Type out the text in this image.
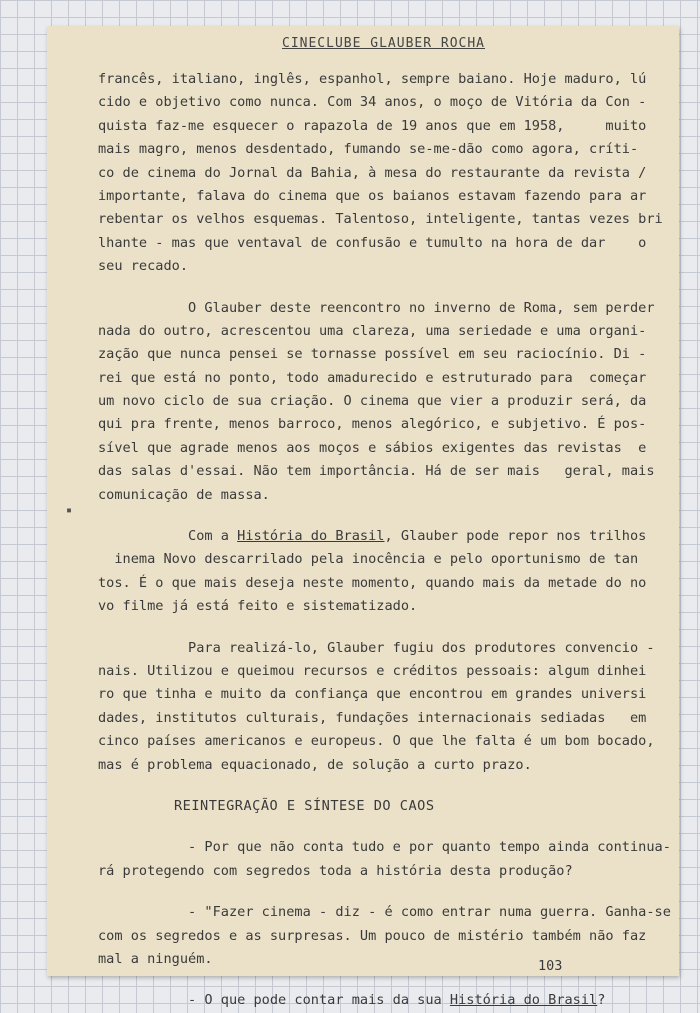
CINECLUBE GLAUBER ROCHA
francês, italiano, inglês, espanhol, sempre baiano. Hoje maduro, lú
cido e objetivo como nunca. Com 34 anos, o moço de Vitória da Con -
quista faz-me esquecer o rapazola de 19 anos que em 1958,     muito
mais magro, menos desdentado, fumando se-me-dão como agora, críti-
co de cinema do Jornal da Bahia, à mesa do restaurante da revista /
importante, falava do cinema que os baianos estavam fazendo para ar
rebentar os velhos esquemas. Talentoso, inteligente, tantas vezes bri
lhante - mas que ventaval de confusão e tumulto na hora de dar    o
seu recado.
O Glauber deste reencontro no inverno de Roma, sem perder
nada do outro, acrescentou uma clareza, uma seriedade e uma organi-
zação que nunca pensei se tornasse possível em seu raciocínio. Di -
rei que está no ponto, todo amadurecido e estruturado para  começar
um novo ciclo de sua criação. O cinema que vier a produzir será, da
qui pra frente, menos barroco, menos alegórico, e subjetivo. É pos-
sível que agrade menos aos moços e sábios exigentes das revistas  e
das salas d'essai. Não tem importância. Há de ser mais   geral, mais
comunicação de massa.
Com a História do Brasil, Glauber pode repor nos trilhos
inema Novo descarrilado pela inocência e pelo oportunismo de tan
tos. É o que mais deseja neste momento, quando mais da metade do no
vo filme já está feito e sistematizado.
Para realizá-lo, Glauber fugiu dos produtores convencio -
nais. Utilizou e queimou recursos e créditos pessoais: algum dinhei
ro que tinha e muito da confiança que encontrou em grandes universi
dades, institutos culturais, fundações internacionais sediadas   em
cinco países americanos e europeus. O que lhe falta é um bom bocado,
mas é problema equacionado, de solução a curto prazo.
REINTEGRAÇÃO E SÍNTESE DO CAOS
- Por que não conta tudo e por quanto tempo ainda continua-
rá protegendo com segredos toda a história desta produção?
- "Fazer cinema - diz - é como entrar numa guerra. Ganha-se
com os segredos e as surpresas. Um pouco de mistério também não faz
mal a ninguém.
- O que pode contar mais da sua História do Brasil?
103
▪
